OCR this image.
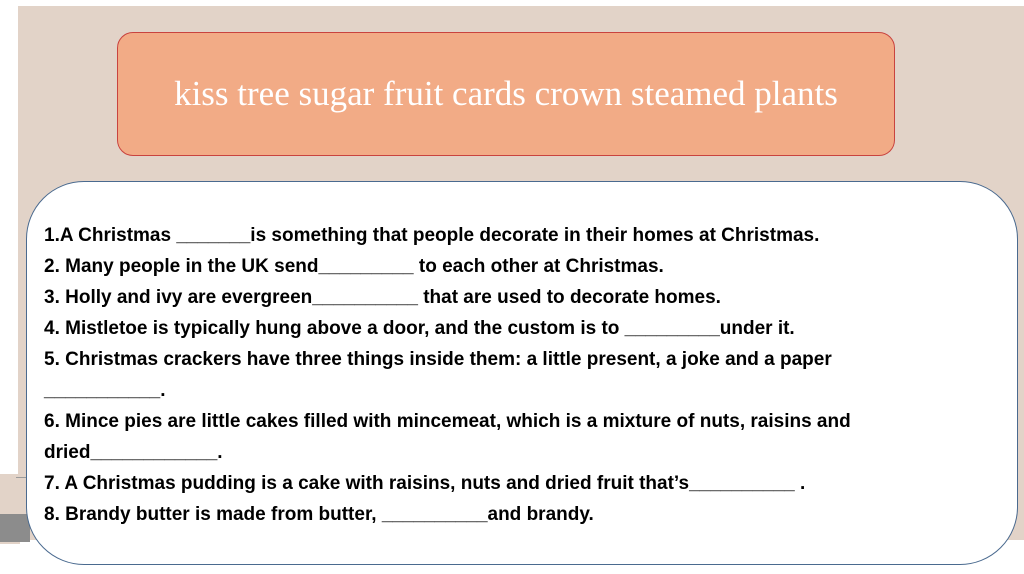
kiss tree sugar fruit cards crown steamed plants
1.A Christmas _______is something that people decorate in their homes at Christmas.
2. Many people in the UK send_________ to each other at Christmas.
3. Holly and ivy are evergreen__________ that are used to decorate homes.
4. Mistletoe is typically hung above a door, and the custom is to _________under it.
5. Christmas crackers have three things inside them: a little present, a joke and a paper
___________.
6. Mince pies are little cakes filled with mincemeat, which is a mixture of nuts, raisins and
dried____________.
7. A Christmas pudding is a cake with raisins, nuts and dried fruit that’s__________ .
8. Brandy butter is made from butter, __________and brandy.
